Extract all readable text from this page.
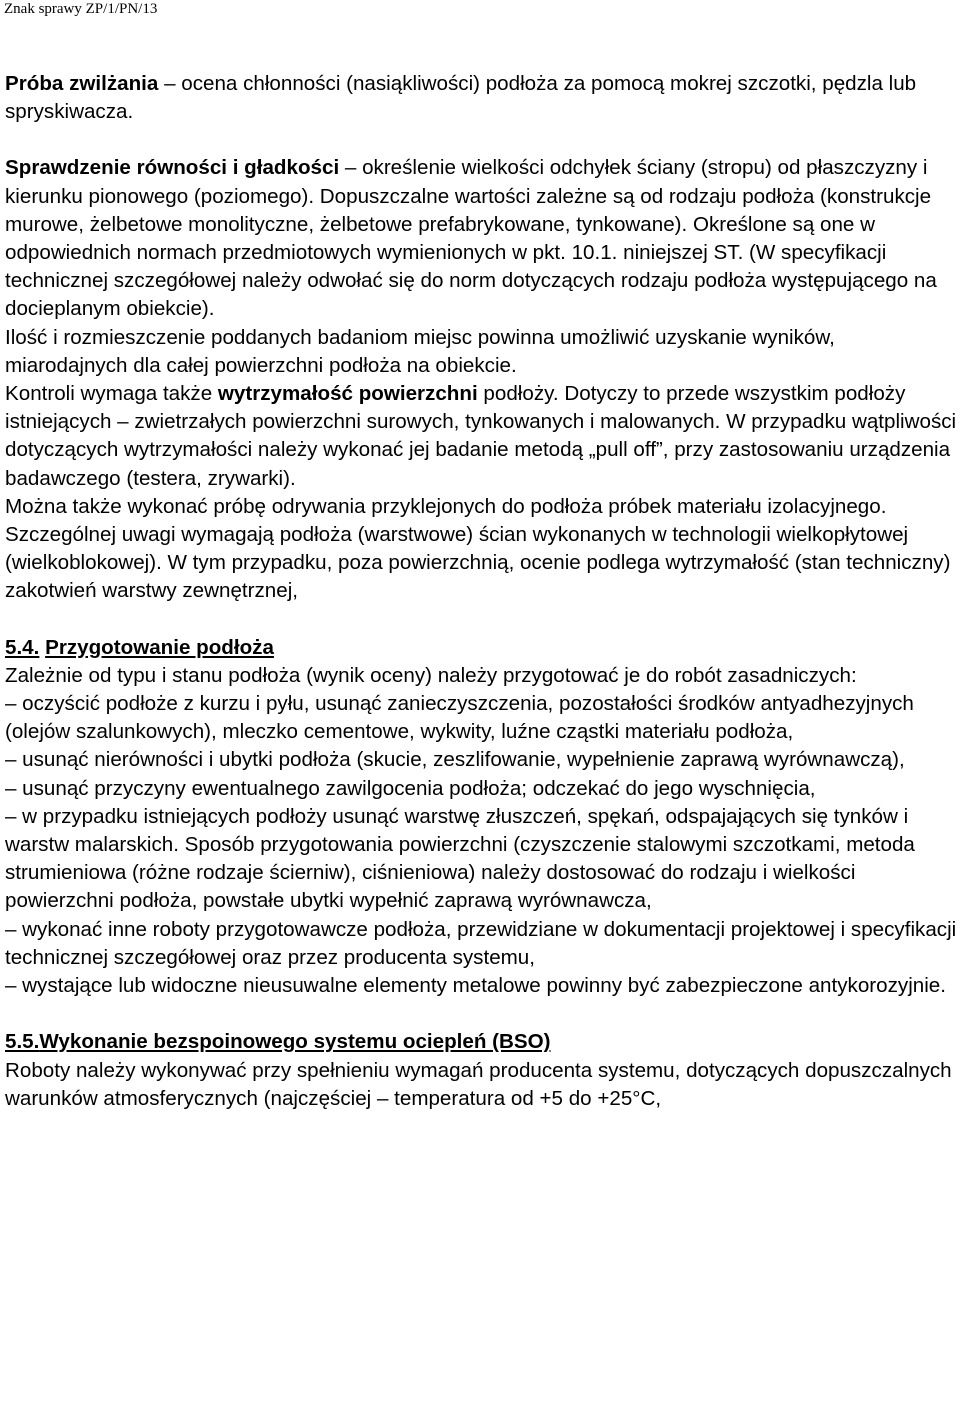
Znak sprawy ZP/1/PN/13

Próba zwilżania – ocena chłonności (nasiąkliwości) podłoża za pomocą mokrej szczotki, pędzla lub spryskiwacza.

Sprawdzenie równości i gładkości – określenie wielkości odchyłek ściany (stropu) od płaszczyzny i kierunku pionowego (poziomego). Dopuszczalne wartości zależne są od rodzaju podłoża (konstrukcje murowe, żelbetowe monolityczne, żelbetowe prefabrykowane, tynkowane). Określone są one w odpowiednich normach przedmiotowych wymienionych w pkt. 10.1. niniejszej ST. (W specyfikacji technicznej szczegółowej należy odwołać się do norm dotyczących rodzaju podłoża występującego na docieplanym obiekcie).

Ilość i rozmieszczenie poddanych badaniom miejsc powinna umożliwić uzyskanie wyników, miarodajnych dla całej powierzchni podłoża na obiekcie.

Kontroli wymaga także wytrzymałość powierzchni podłoży. Dotyczy to przede wszystkim podłoży istniejących – zwietrzałych powierzchni surowych, tynkowanych i malowanych. W przypadku wątpliwości dotyczących wytrzymałości należy wykonać jej badanie metodą „pull off”, przy zastosowaniu urządzenia badawczego (testera, zrywarki).

Można także wykonać próbę odrywania przyklejonych do podłoża próbek materiału izolacyjnego.

Szczególnej uwagi wymagają podłoża (warstwowe) ścian wykonanych w technologii wielkopłytowej (wielkoblokowej). W tym przypadku, poza powierzchnią, ocenie podlega wytrzymałość (stan techniczny) zakotwień warstwy zewnętrznej,

5.4. Przygotowanie podłoża

Zależnie od typu i stanu podłoża (wynik oceny) należy przygotować je do robót zasadniczych:

– oczyścić podłoże z kurzu i pyłu, usunąć zanieczyszczenia, pozostałości środków antyadhezyjnych (olejów szalunkowych), mleczko cementowe, wykwity, luźne cząstki materiału podłoża,

– usunąć nierówności i ubytki podłoża (skucie, zeszlifowanie, wypełnienie zaprawą wyrównawczą),

– usunąć przyczyny ewentualnego zawilgocenia podłoża; odczekać do jego wyschnięcia,

– w przypadku istniejących podłoży usunąć warstwę złuszczeń, spękań, odspajających się tynków i warstw malarskich. Sposób przygotowania powierzchni (czyszczenie stalowymi szczotkami, metoda strumieniowa (różne rodzaje ścierniw), ciśnieniowa) należy dostosować do rodzaju i wielkości powierzchni podłoża, powstałe ubytki wypełnić zaprawą wyrównawcza,

– wykonać inne roboty przygotowawcze podłoża, przewidziane w dokumentacji projektowej i specyfikacji technicznej szczegółowej oraz przez producenta systemu,

– wystające lub widoczne nieusuwalne elementy metalowe powinny być zabezpieczone antykorozyjnie.

5.5.Wykonanie bezspoinowego systemu ociepleń (BSO)

Roboty należy wykonywać przy spełnieniu wymagań producenta systemu, dotyczących dopuszczalnych warunków atmosferycznych (najczęściej – temperatura od +5 do +25°C,
